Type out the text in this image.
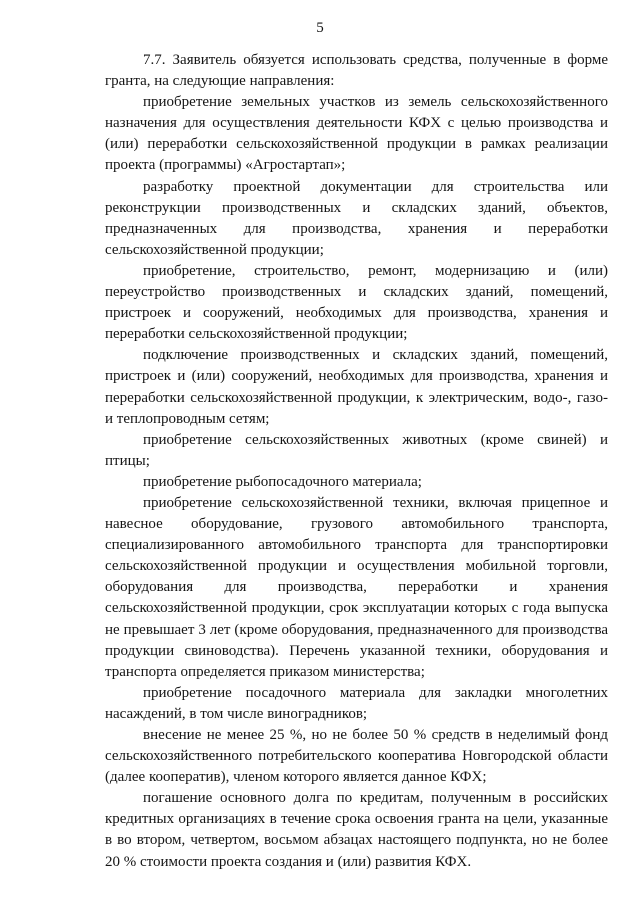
5

7.7. Заявитель обязуется использовать средства, полученные в форме гранта, на следующие направления:

приобретение земельных участков из земель сельскохозяйственного назначения для осуществления деятельности КФХ с целью производства и (или) переработки сельскохозяйственной продукции в рамках реализации проекта (программы) «Агростартап»;

разработку проектной документации для строительства или реконструкции производственных и складских зданий, объектов, предназначенных для производства, хранения и переработки сельскохозяйственной продукции;

приобретение, строительство, ремонт, модернизацию и (или) переустройство производственных и складских зданий, помещений, пристроек и сооружений, необходимых для производства, хранения и переработки сельскохозяйственной продукции;

подключение производственных и складских зданий, помещений, пристроек и (или) сооружений, необходимых для производства, хранения и переработки сельскохозяйственной продукции, к электрическим, водо-, газо- и теплопроводным сетям;

приобретение сельскохозяйственных животных (кроме свиней) и птицы;

приобретение рыбопосадочного материала;

приобретение сельскохозяйственной техники, включая прицепное и навесное оборудование, грузового автомобильного транспорта, специализированного автомобильного транспорта для транспортировки сельскохозяйственной продукции и осуществления мобильной торговли, оборудования для производства, переработки и хранения сельскохозяйственной продукции, срок эксплуатации которых с года выпуска не превышает 3 лет (кроме оборудования, предназначенного для производства продукции свиноводства). Перечень указанной техники, оборудования и транспорта определяется приказом министерства;

приобретение посадочного материала для закладки многолетних насаждений, в том числе виноградников;

внесение не менее 25 %, но не более 50 % средств в неделимый фонд сельскохозяйственного потребительского кооператива Новгородской области (далее кооператив), членом которого является данное КФХ;

погашение основного долга по кредитам, полученным в российских кредитных организациях в течение срока освоения гранта на цели, указанные в во втором, четвертом, восьмом абзацах настоящего подпункта, но не более 20 % стоимости проекта создания и (или) развития КФХ.
